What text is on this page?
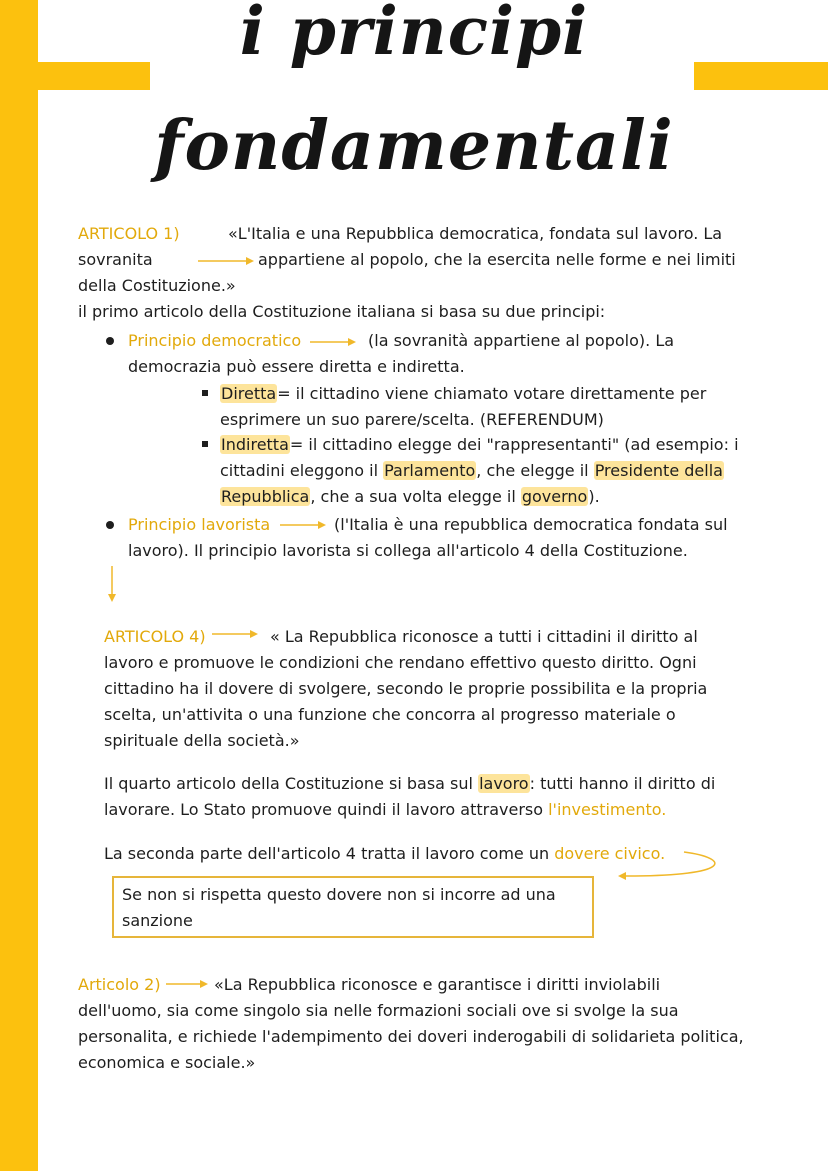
i principi
fondamentali

ARTICOLO 1)	«L'Italia e una Repubblica democratica, fondata sul lavoro. La

sovranita	appartiene al popolo, che la esercita nelle forme e nei limiti

della Costituzione.»

il primo articolo della Costituzione italiana si basa su due principi:

Principio democratico	(la sovranità appartiene al popolo). La

democrazia può essere diretta e indiretta.

Diretta= il cittadino viene chiamato votare direttamente per

esprimere un suo parere/scelta. (REFERENDUM)

Indiretta= il cittadino elegge dei "rappresentanti" (ad esempio: i

cittadini eleggono il Parlamento, che elegge il Presidente della

Repubblica, che a sua volta elegge il governo).

Principio lavorista	(l'Italia è una repubblica democratica fondata sul

lavoro). Il principio lavorista si collega all'articolo 4 della Costituzione.

ARTICOLO 4)	« La Repubblica riconosce a tutti i cittadini il diritto al

lavoro e promuove le condizioni che rendano effettivo questo diritto. Ogni

cittadino ha il dovere di svolgere, secondo le proprie possibilita e la propria

scelta, un'attivita o una funzione che concorra al progresso materiale o

spirituale della società.»

Il quarto articolo della Costituzione si basa sul lavoro: tutti hanno il diritto di

lavorare. Lo Stato promuove quindi il lavoro attraverso l'investimento.

La seconda parte dell'articolo 4 tratta il lavoro come un dovere civico.

Se non si rispetta questo dovere non si incorre ad una

sanzione

Articolo 2)	«La Repubblica riconosce e garantisce i diritti inviolabili

dell'uomo, sia come singolo sia nelle formazioni sociali ove si svolge la sua

personalita, e richiede l'adempimento dei doveri inderogabili di solidarieta politica,

economica e sociale.»
